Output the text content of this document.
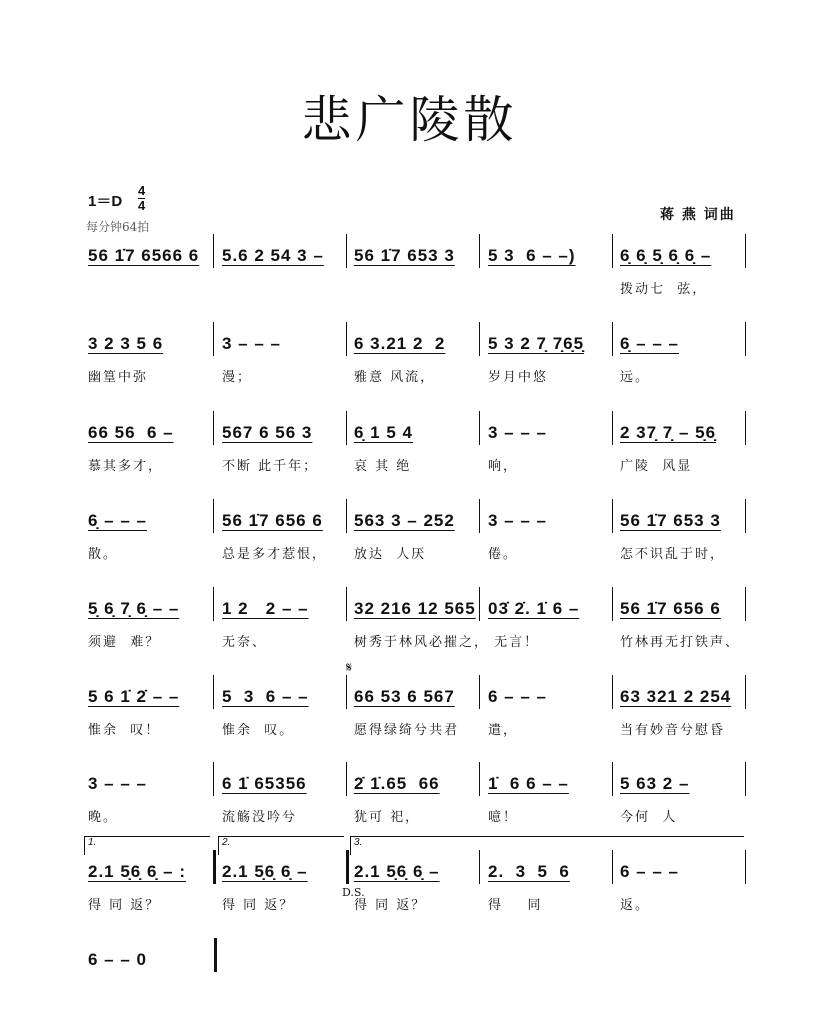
悲广陵散
1＝D
4
4
每分钟64拍
蒋 燕 词曲
56 1̇7 6566 6	5.6 2 54 3 –	56 1̇7 653 3	5 3  6 – –)	6̣ 6̣ 5̣ 6̣ 6̣ –
拨动七  弦，
3 2 3 5 6
幽篁中弥
3 – – –
漫；
6 3.21 2  2
雅意 风流，
5 3 2 7̣ 7̣6̣5̣
岁月中悠
6̣ – – –
远。
66 56  6 –
慕其多才，
567 6 56 3
不断 此千年；
6̣ 1 5 4
哀 其 绝
3 – – –
响，
2 37̣ 7̣ – 5̣6̣
广陵  风显
6̣ – – –
散。
56 1̇7 656 6
总是多才惹恨，
563 3 – 252
放达  人厌
3 – – –
倦。
56 1̇7 653 3
怎不识乱于时，
5̣ 6̣ 7̣ 6̣ – –
须避  难？
1 2   2 – –
无奈、
32 216 12 565
树秀于林风必摧之，
03̇ 2̇. 1̇ 6 –
无言！
56 1̇7 656 6
竹林再无打铁声、
5 6 1̇ 2̇ – –
惟余  叹！
5  3  6 – –
惟余  叹。
66 53 6 567
愿得绿绮兮共君
𝄋
6 – – –
遣，
63 321 2 254
当有妙音兮慰昏
3 – – –
晚。
6 1̇ 65356
流觞没吟兮
2̇ 1̇.65  66
犹可 祀，
1̇  6 6 – –
噫！
5 63 2 –
今何  人
2.1 5̣6̣ 6̣ – :
得 同 返？
1.
2.1 5̣6̣ 6̣ –
得 同 返？
2.
2.1 5̣6̣ 6̣ –
得 同 返？
D.S.
3.
2.  3  5  6
得    同
6 – – –
返。
6 – – 0
